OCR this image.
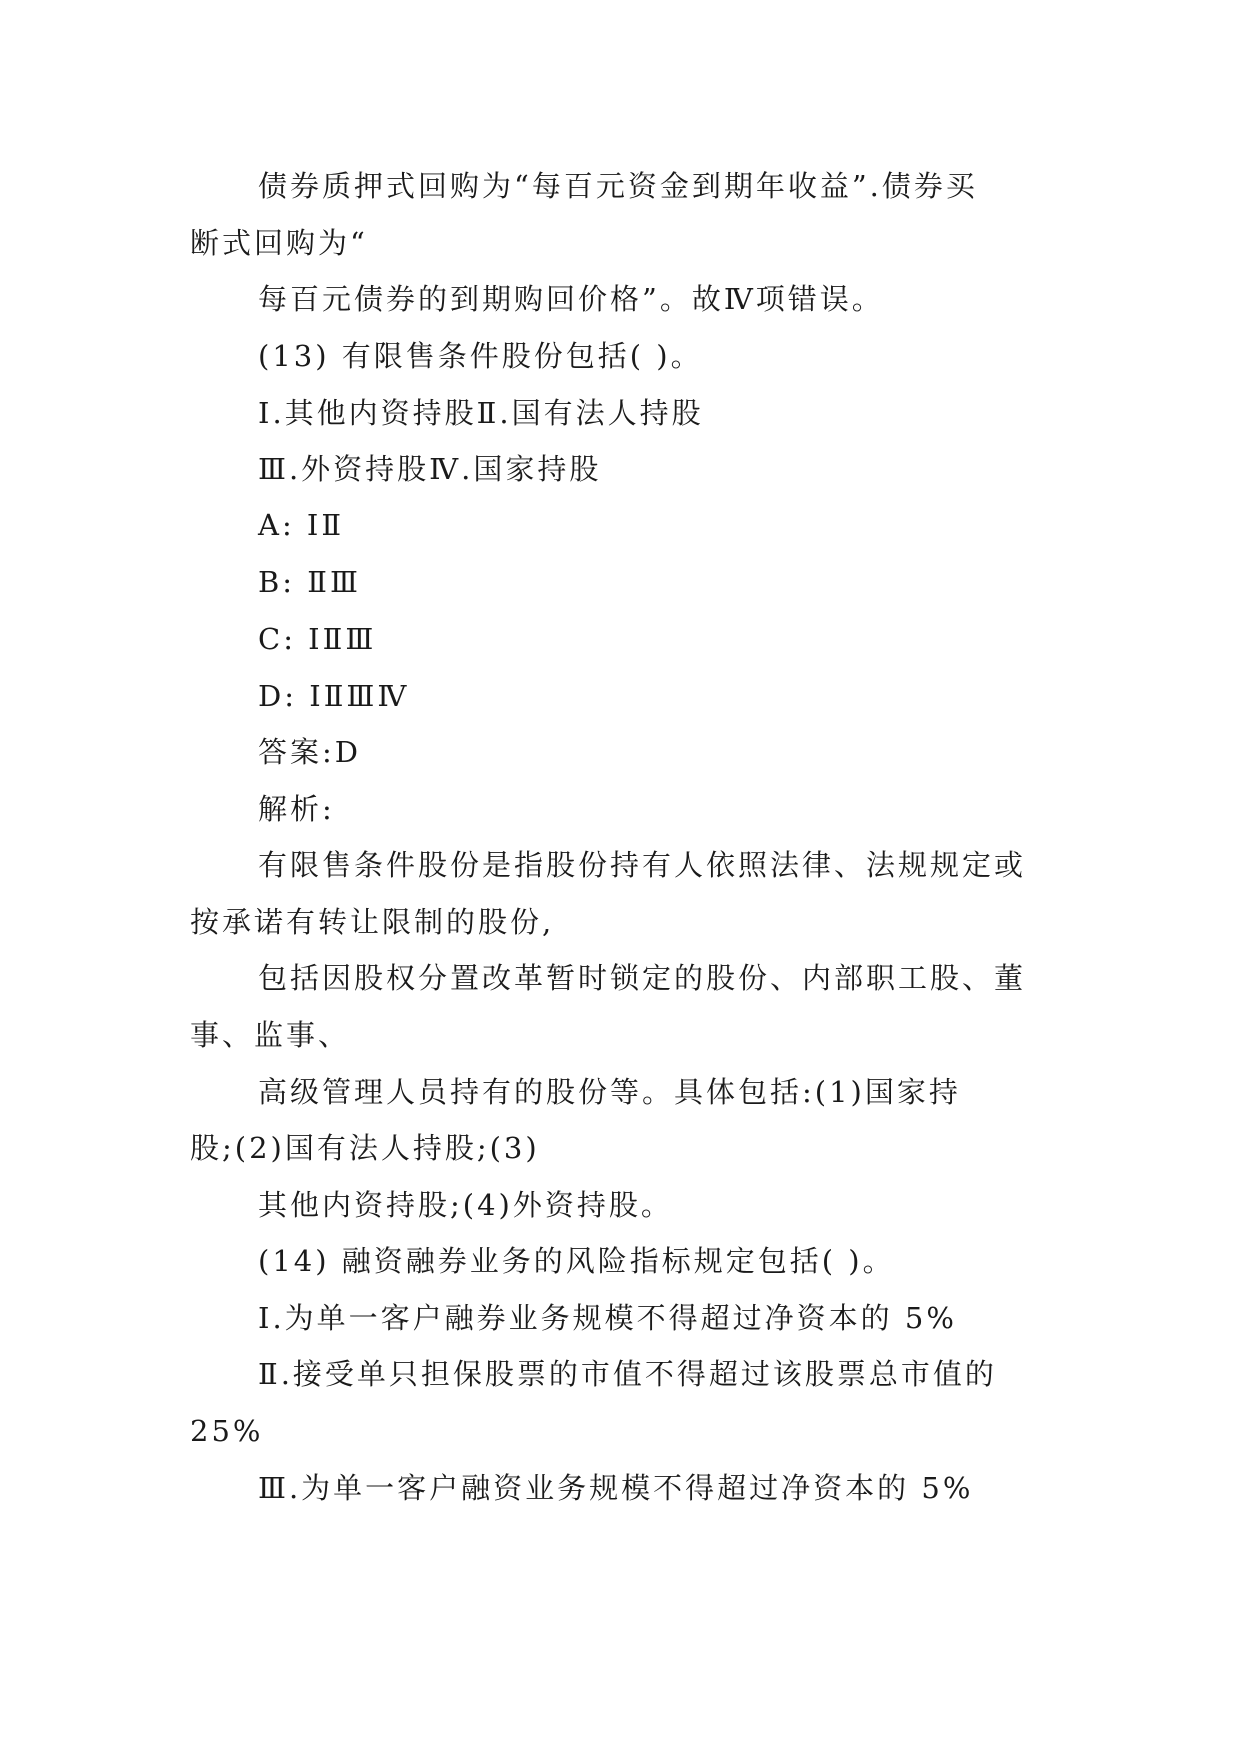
债券质押式回购为“每百元资金到期年收益”.债券买
断式回购为“
每百元债券的到期购回价格”。故Ⅳ项错误。
(13) 有限售条件股份包括( )。
Ⅰ.其他内资持股Ⅱ.国有法人持股
Ⅲ.外资持股Ⅳ.国家持股
A: ⅠⅡ
B: ⅡⅢ
C: ⅠⅡⅢ
D: ⅠⅡⅢⅣ
答案:D
解析:
有限售条件股份是指股份持有人依照法律、法规规定或
按承诺有转让限制的股份,
包括因股权分置改革暂时锁定的股份、内部职工股、董
事、监事、
高级管理人员持有的股份等。具体包括:(1)国家持
股;(2)国有法人持股;(3)
其他内资持股;(4)外资持股。
(14) 融资融券业务的风险指标规定包括( )。
Ⅰ.为单一客户融券业务规模不得超过净资本的 5%
Ⅱ.接受单只担保股票的市值不得超过该股票总市值的
25%
Ⅲ.为单一客户融资业务规模不得超过净资本的 5%
